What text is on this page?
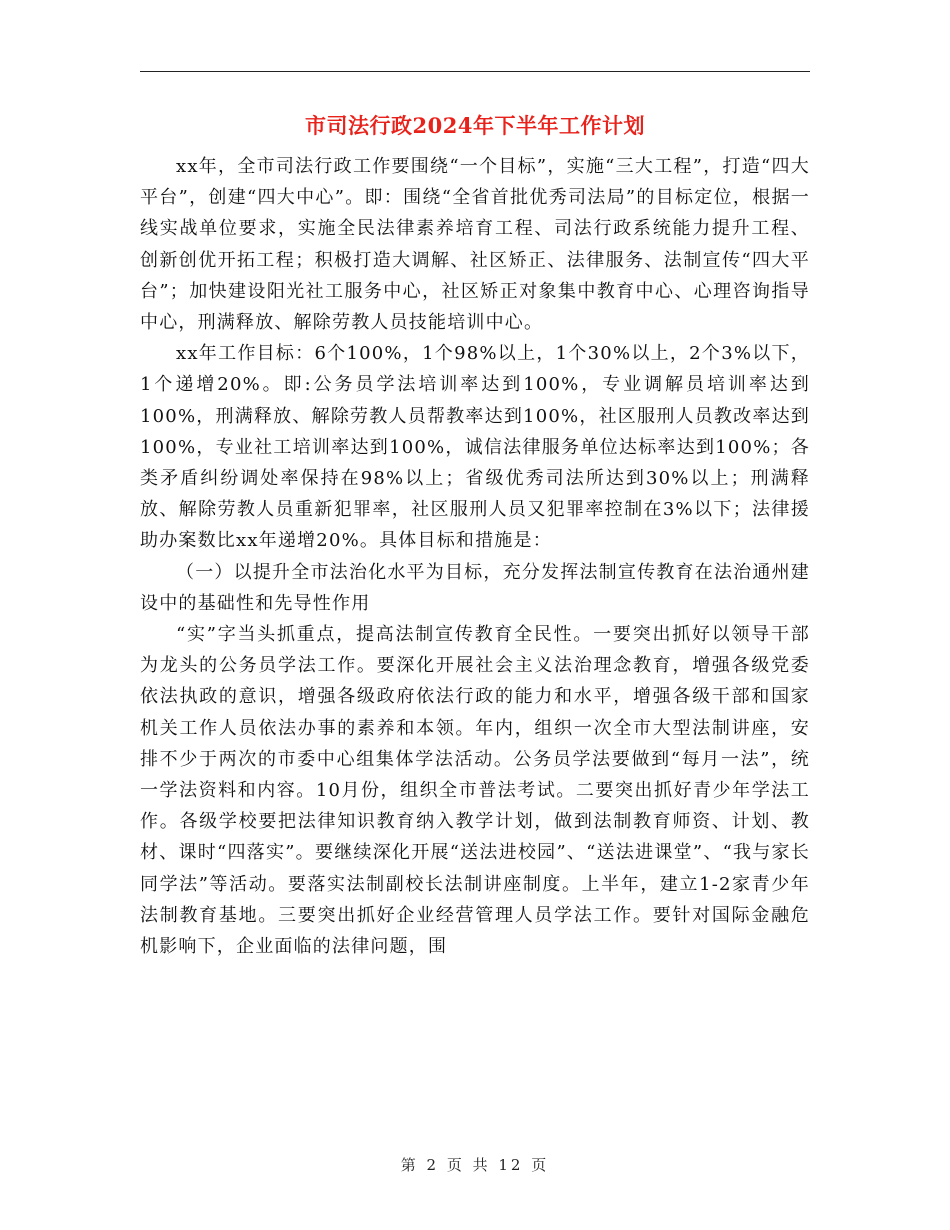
市司法行政2024年下半年工作计划

xx年，全市司法行政工作要围绕“一个目标”，实施“三大工程”，打造“四大平台”，创建“四大中心”。即：围绕“全省首批优秀司法局”的目标定位，根据一线实战单位要求，实施全民法律素养培育工程、司法行政系统能力提升工程、创新创优开拓工程；积极打造大调解、社区矫正、法律服务、法制宣传“四大平台”；加快建设阳光社工服务中心，社区矫正对象集中教育中心、心理咨询指导中心，刑满释放、解除劳教人员技能培训中心。

xx年工作目标：6个100%，1个98%以上，1个30%以上，2个3%以下，1个递增20%。即:公务员学法培训率达到100%，专业调解员培训率达到100%，刑满释放、解除劳教人员帮教率达到100%，社区服刑人员教改率达到100%，专业社工培训率达到100%，诚信法律服务单位达标率达到100%；各类矛盾纠纷调处率保持在98%以上；省级优秀司法所达到30%以上；刑满释放、解除劳教人员重新犯罪率，社区服刑人员又犯罪率控制在3%以下；法律援助办案数比xx年递增20%。具体目标和措施是：

（一）以提升全市法治化水平为目标，充分发挥法制宣传教育在法治通州建设中的基础性和先导性作用

“实”字当头抓重点，提高法制宣传教育全民性。一要突出抓好以领导干部为龙头的公务员学法工作。要深化开展社会主义法治理念教育，增强各级党委依法执政的意识，增强各级政府依法行政的能力和水平，增强各级干部和国家机关工作人员依法办事的素养和本领。年内，组织一次全市大型法制讲座，安排不少于两次的市委中心组集体学法活动。公务员学法要做到“每月一法”，统一学法资料和内容。10月份，组织全市普法考试。二要突出抓好青少年学法工作。各级学校要把法律知识教育纳入教学计划，做到法制教育师资、计划、教材、课时“四落实”。要继续深化开展“送法进校园”、“送法进课堂”、“我与家长同学法”等活动。要落实法制副校长法制讲座制度。上半年，建立1-2家青少年法制教育基地。三要突出抓好企业经营管理人员学法工作。要针对国际金融危机影响下，企业面临的法律问题，围

第 2 页 共 12 页
